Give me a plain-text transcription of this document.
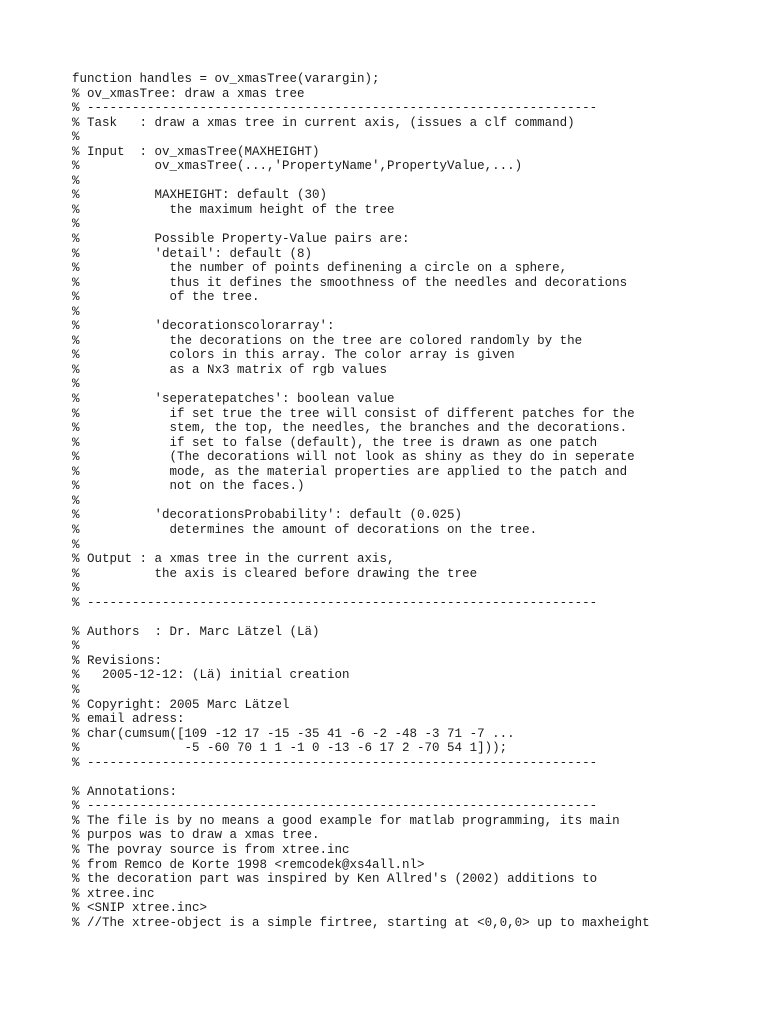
function handles = ov_xmasTree(varargin);
% ov_xmasTree: draw a xmas tree
% --------------------------------------------------------------------
% Task   : draw a xmas tree in current axis, (issues a clf command)
%
% Input  : ov_xmasTree(MAXHEIGHT)
%          ov_xmasTree(...,'PropertyName',PropertyValue,...)
%
%          MAXHEIGHT: default (30)
%            the maximum height of the tree
%
%          Possible Property-Value pairs are:
%          'detail': default (8)
%            the number of points definening a circle on a sphere,
%            thus it defines the smoothness of the needles and decorations
%            of the tree.
%
%          'decorationscolorarray':
%            the decorations on the tree are colored randomly by the
%            colors in this array. The color array is given
%            as a Nx3 matrix of rgb values
%
%          'seperatepatches': boolean value
%            if set true the tree will consist of different patches for the
%            stem, the top, the needles, the branches and the decorations.
%            if set to false (default), the tree is drawn as one patch
%            (The decorations will not look as shiny as they do in seperate
%            mode, as the material properties are applied to the patch and
%            not on the faces.)
%
%          'decorationsProbability': default (0.025)
%            determines the amount of decorations on the tree.
%
% Output : a xmas tree in the current axis,
%          the axis is cleared before drawing the tree
%
% --------------------------------------------------------------------

% Authors  : Dr. Marc Lätzel (Lä)
%
% Revisions:
%   2005-12-12: (Lä) initial creation
%
% Copyright: 2005 Marc Lätzel
% email adress:
% char(cumsum([109 -12 17 -15 -35 41 -6 -2 -48 -3 71 -7 ...
%              -5 -60 70 1 1 -1 0 -13 -6 17 2 -70 54 1]));
% --------------------------------------------------------------------

% Annotations:
% --------------------------------------------------------------------
% The file is by no means a good example for matlab programming, its main
% purpos was to draw a xmas tree.
% The povray source is from xtree.inc
% from Remco de Korte 1998 <remcodek@xs4all.nl>
% the decoration part was inspired by Ken Allred's (2002) additions to
% xtree.inc
% <SNIP xtree.inc>
% //The xtree-object is a simple firtree, starting at <0,0,0> up to maxheight
